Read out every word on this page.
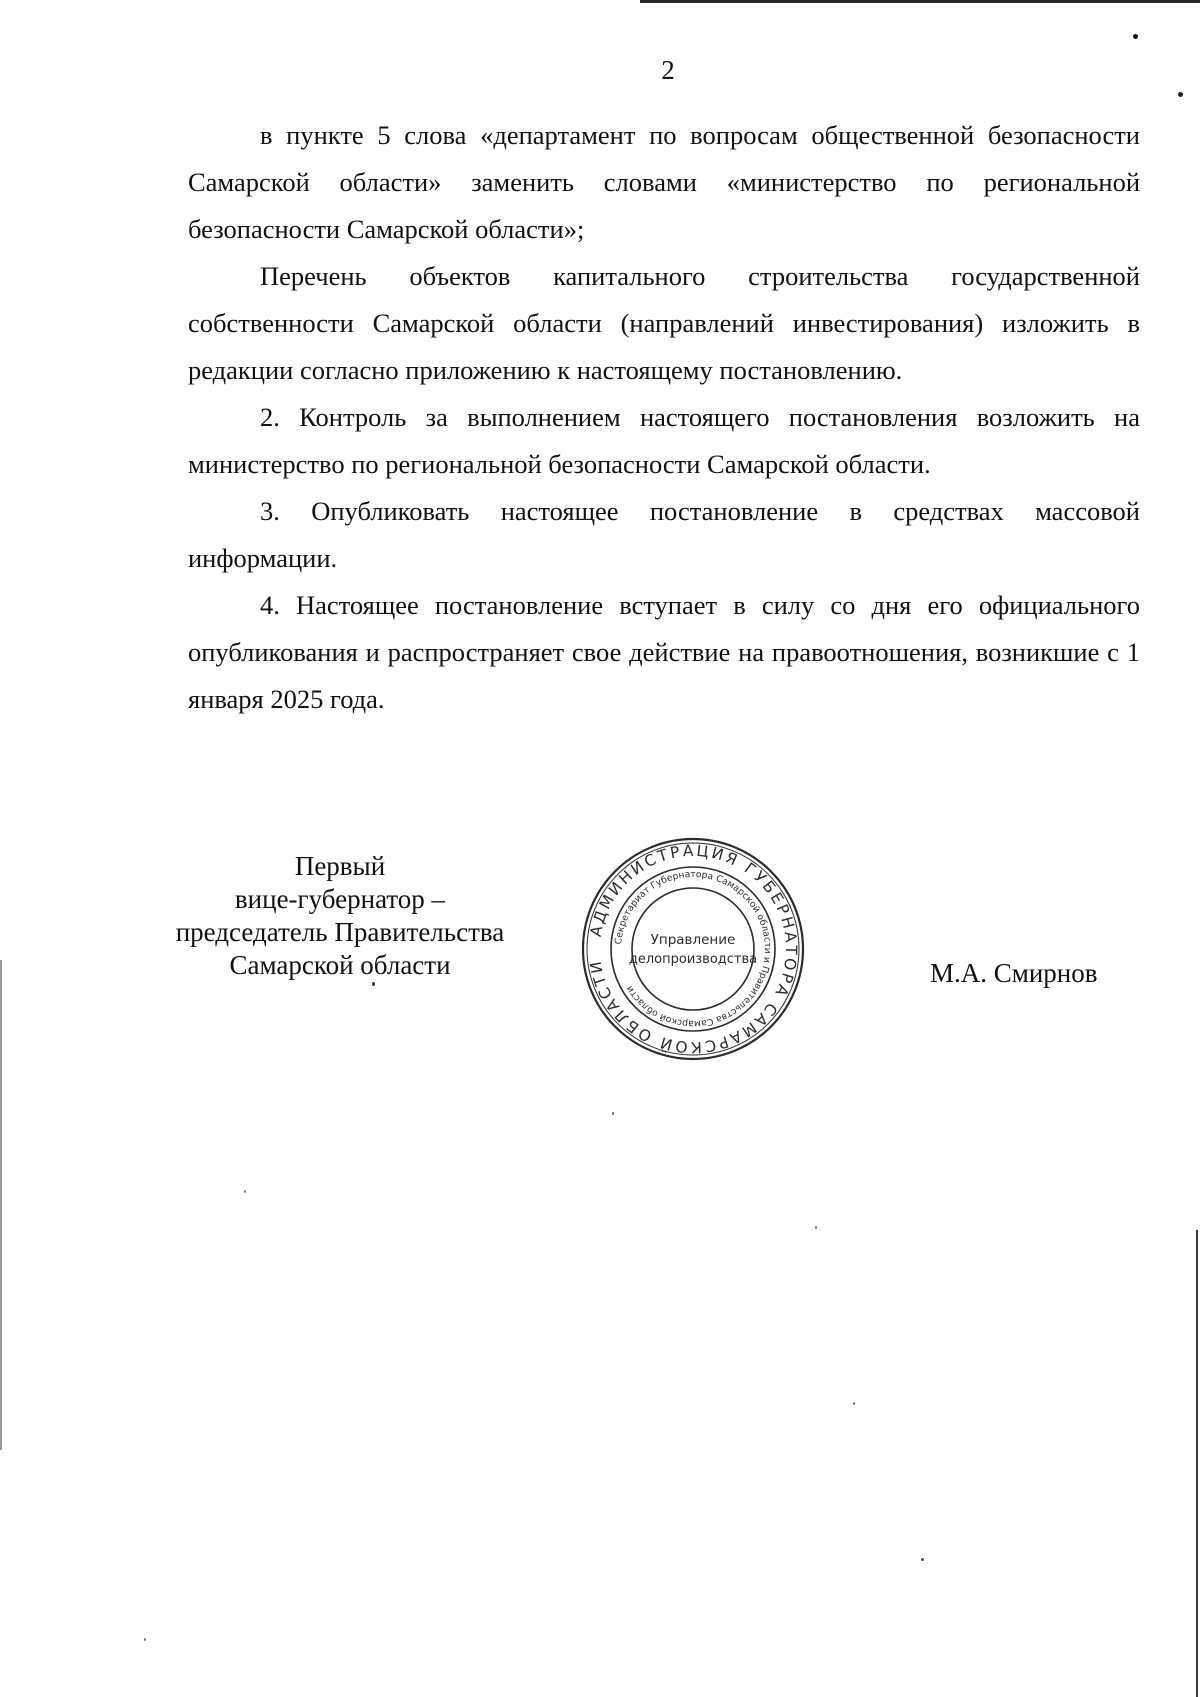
2

в пункте 5 слова «департамент по вопросам общественной безопасности Самарской области» заменить словами «министерство по региональной безопасности Самарской области»;

Перечень объектов капитального строительства государственной собственности Самарской области (направлений инвестирования) изложить в редакции согласно приложению к настоящему постановлению.

2. Контроль за выполнением настоящего постановления возложить на министерство по региональной безопасности Самарской области.

3. Опубликовать настоящее постановление в средствах массовой информации.

4. Настоящее постановление вступает в силу со дня его официального опубликования и распространяет свое действие на правоотношения, возникшие с 1 января 2025 года.

Первый
вице-губернатор –
председатель Правительства
Самарской области
АДМИНИСТРАЦИЯ ГУБЕРНАТОРА САМАРСКОЙ ОБЛАСТИ
Секретариат Губернатора Самарской области и Правительства Самарской области
Управление
делопроизводства	М.А. Смирнов
